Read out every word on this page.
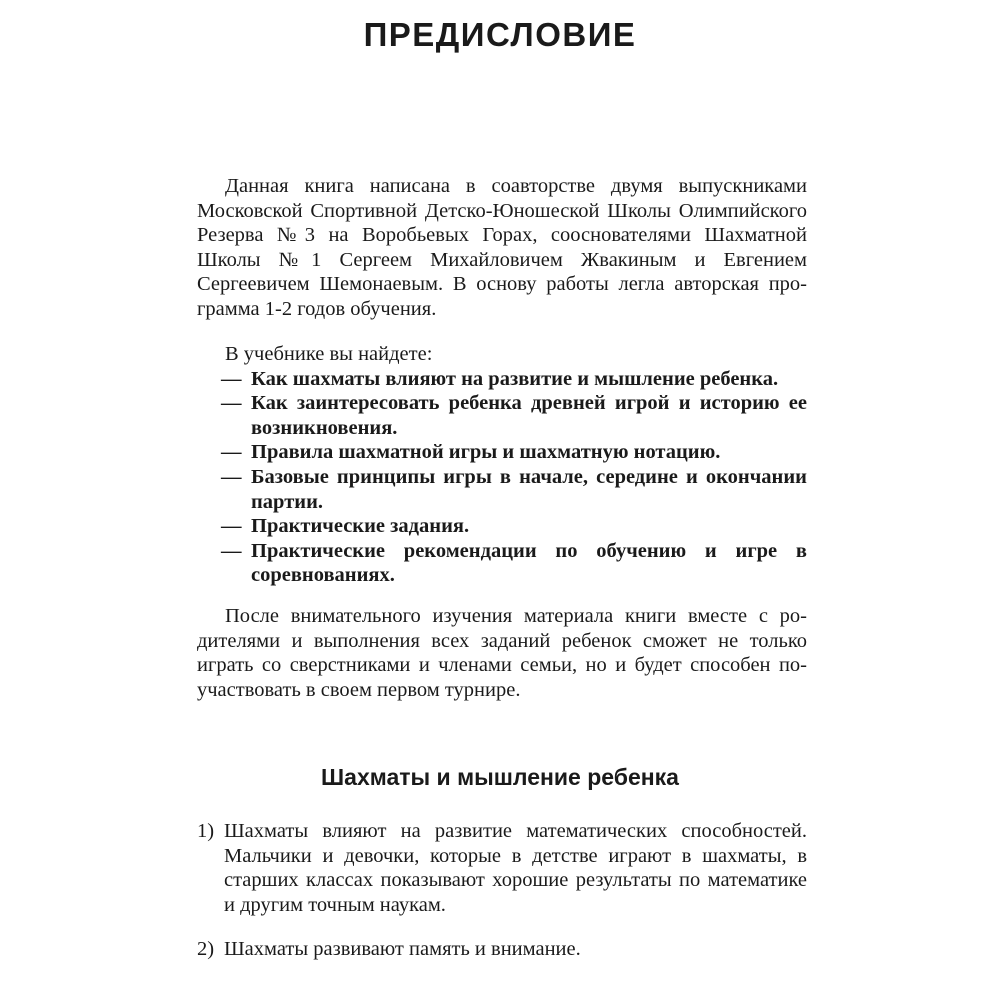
ПРЕДИСЛОВИЕ

Данная книга написана в соавторстве двумя выпускниками Московской Спортивной Детско-Юношеской Школы Олимпийского Резерва №3 на Воробьевых Горах, сооснователями Шахматной Школы №1 Сергеем Михайловичем Жвакиным и Евгением Сергеевичем Шемонаевым. В основу работы легла авторская программа 1-2 годов обучения.

В учебнике вы найдете:

— Как шахматы влияют на развитие и мышление ребенка.
— Как заинтересовать ребенка древней игрой и историю ее возникновения.
— Правила шахматной игры и шахматную нотацию.
— Базовые принципы игры в начале, середине и окончании партии.
— Практические задания.
— Практические рекомендации по обучению и игре в соревнованиях.

После внимательного изучения материала книги вместе с родителями и выполнения всех заданий ребенок сможет не только играть со сверстниками и членами семьи, но и будет способен поучаствовать в своем первом турнире.

Шахматы и мышление ребенка
1) Шахматы влияют на развитие математических способностей. Мальчики и девочки, которые в детстве играют в шахматы, в старших классах показывают хорошие результаты по математике и другим точным наукам.

2) Шахматы развивают память и внимание.
